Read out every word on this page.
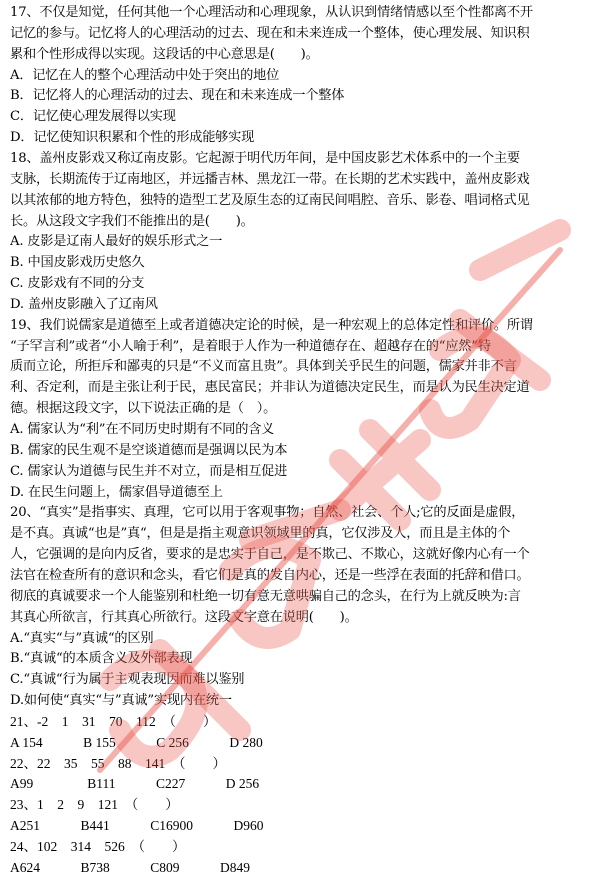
17、不仅是知觉，任何其他一个心理活动和心理现象，从认识到情绪情感以至个性都离不开
记忆的参与。记忆将人的心理活动的过去、现在和未来连成一个整体，使心理发展、知识积
累和个性形成得以实现。这段话的中心意思是(　　)。
A．记忆在人的整个心理活动中处于突出的地位
B．记忆将人的心理活动的过去、现在和未来连成一个整体
C．记忆使心理发展得以实现
D．记忆使知识积累和个性的形成能够实现
18、盖州皮影戏又称辽南皮影。它起源于明代历年间，是中国皮影艺术体系中的一个主要
支脉，长期流传于辽南地区，并远播吉林、黑龙江一带。在长期的艺术实践中，盖州皮影戏
以其浓郁的地方特色，独特的造型工艺及原生态的辽南民间唱腔、音乐、影卷、唱词格式见
长。从这段文字我们不能推出的是(　　)。
A. 皮影是辽南人最好的娱乐形式之一
B. 中国皮影戏历史悠久
C. 皮影戏有不同的分支
D. 盖州皮影融入了辽南风
19、我们说儒家是道德至上或者道德决定论的时候，是一种宏观上的总体定性和评价。所谓
“子罕言利”或者“小人喻于利”，是着眼于人作为一种道德存在、超越存在的“应然”特
质而立论，所拒斥和鄙夷的只是“不义而富且贵”。具体到关乎民生的问题，儒家并非不言
利、否定利，而是主张让利于民，惠民富民；并非认为道德决定民生，而是认为民生决定道
德。根据这段文字，以下说法正确的是（　）。
A. 儒家认为“利”在不同历史时期有不同的含义
B. 儒家的民生观不是空谈道德而是强调以民为本
C. 儒家认为道德与民生并不对立，而是相互促进
D. 在民生问题上，儒家倡导道德至上
20、“真实”是指事实、真理，它可以用于客观事物；自然、社会、个人;它的反面是虚假，
是不真。真诚“也是”真“，但是是指主观意识领域里的真，它仅涉及人，而且是主体的个
人，它强调的是向内反省，要求的是忠实于自己，是不欺己、不欺心，这就好像内心有一个
法官在检查所有的意识和念头，看它们是真的发自内心，还是一些浮在表面的托辞和借口。
彻底的真诚要求一个人能鉴别和杜绝一切有意无意哄骗自己的念头，在行为上就反映为:言
其真心所欲言，行其真心所欲行。这段文字意在说明(　　)。
A.“真实“与”真诚“的区别
B.“真诚“的本质含义及外部表现
C.“真诚“行为属于主观表现因而难以鉴别
D.如何使“真实“与”真诚”实现内在统一
21、-2　1　31　70　112　（　　）
A 154　　　B 155　　　C 256　　　D 280
22、22　35　55　88　141　（　　）
A99　　　　B111　　　C227　　　D 256
23、1　2　9　121　（　　）
A251　　　B441　　　C16900　　　D960
24、102　314　526　（　　）
A624　　　B738　　　C809　　　D849
